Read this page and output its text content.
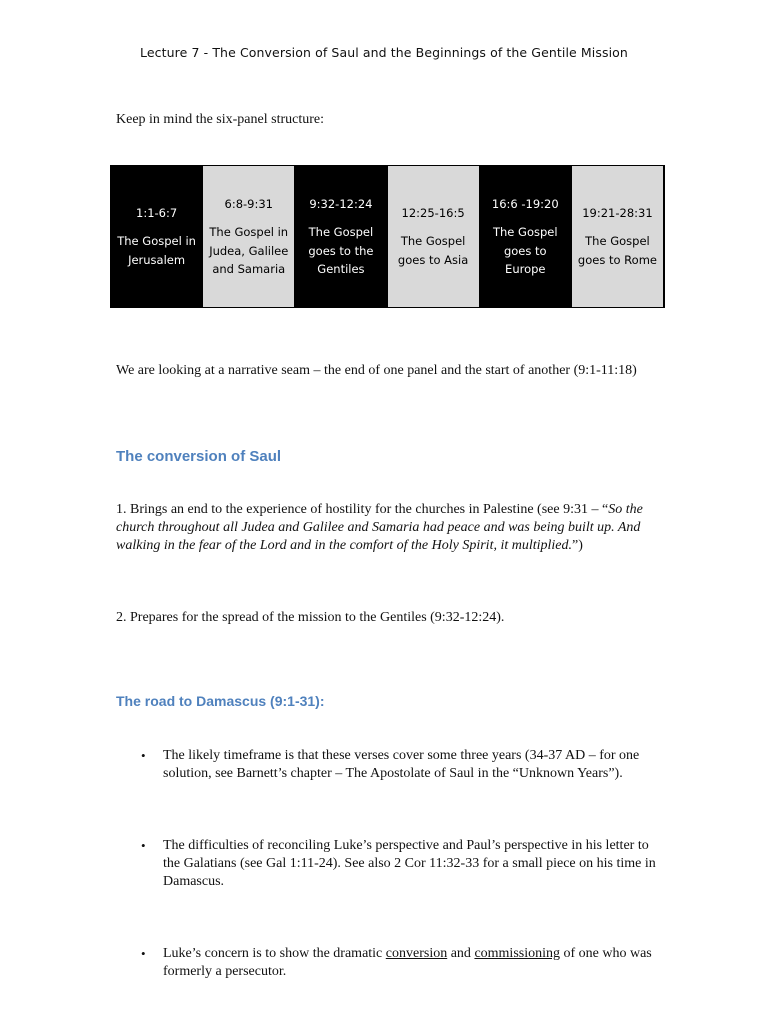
Lecture 7 - The Conversion of Saul and the Beginnings of the Gentile Mission
Keep in mind the six-panel structure:
1:1-6:7
The Gospel in Jerusalem
6:8-9:31
The Gospel in Judea, Galilee and Samaria
9:32-12:24
The Gospel goes to the Gentiles
12:25-16:5
The Gospel goes to Asia
16:6 -19:20
The Gospel goes to Europe
19:21-28:31
The Gospel goes to Rome
We are looking at a narrative seam – the end of one panel and the start of another (9:1-11:18)
The conversion of Saul
1. Brings an end to the experience of hostility for the churches in Palestine (see 9:31 – “So the church throughout all Judea and Galilee and Samaria had peace and was being built up. And walking in the fear of the Lord and in the comfort of the Holy Spirit, it multiplied.”)
2. Prepares for the spread of the mission to the Gentiles (9:32-12:24).
The road to Damascus (9:1-31):
• The likely timeframe is that these verses cover some three years (34-37 AD – for one solution, see Barnett’s chapter – The Apostolate of Saul in the “Unknown Years”).
• The difficulties of reconciling Luke’s perspective and Paul’s perspective in his letter to the Galatians (see Gal 1:11-24). See also 2 Cor 11:32-33 for a small piece on his time in Damascus.
• Luke’s concern is to show the dramatic conversion and commissioning of one who was formerly a persecutor.
